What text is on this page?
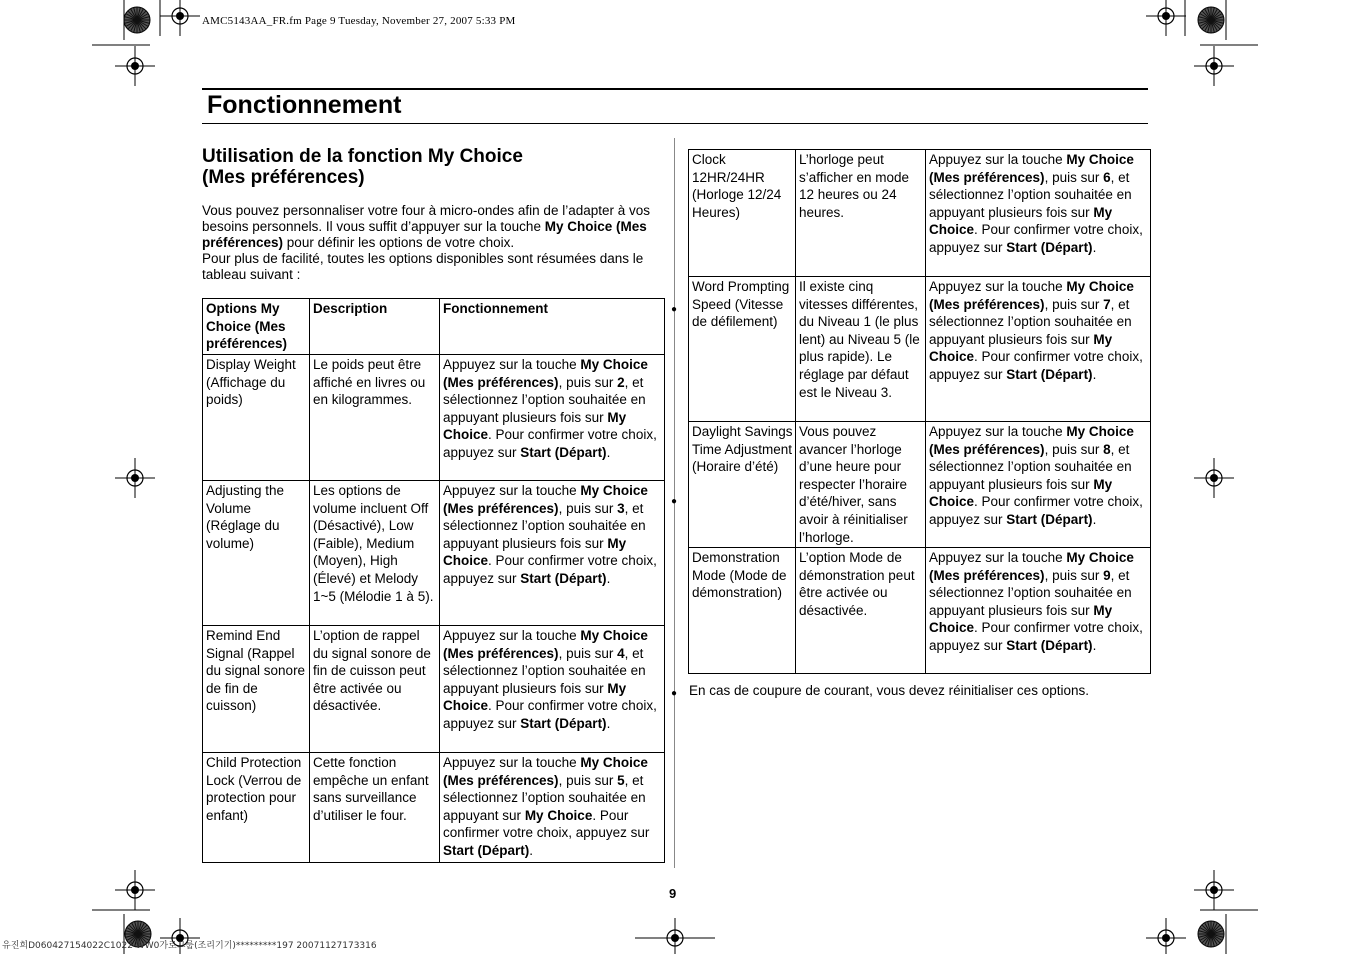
AMC5143AA_FR.fm Page 9 Tuesday, November 27, 2007 5:33 PM
Fonctionnement
Utilisation de la fonction My Choice
(Mes préférences)
Vous pouvez personnaliser votre four à micro-ondes afin de l’adapter à vos besoins personnels. Il vous suffit d’appuyer sur la touche My Choice (Mes préférences) pour définir les options de votre choix.
Pour plus de facilité, toutes les options disponibles sont résumées dans le tableau suivant :
Options My Choice (Mes préférences)	Description	Fonctionnement
Display Weight (Affichage du poids)	Le poids peut être affiché en livres ou en kilogrammes.	Appuyez sur la touche My Choice (Mes préférences), puis sur 2, et sélectionnez l’option souhaitée en appuyant plusieurs fois sur My Choice. Pour confirmer votre choix, appuyez sur Start (Départ).
Adjusting the Volume (Réglage du volume)	Les options de volume incluent Off (Désactivé), Low (Faible), Medium (Moyen), High (Élevé) et Melody 1~5 (Mélodie 1 à 5).	Appuyez sur la touche My Choice (Mes préférences), puis sur 3, et sélectionnez l’option souhaitée en appuyant plusieurs fois sur My Choice. Pour confirmer votre choix, appuyez sur Start (Départ).
Remind End Signal (Rappel du signal sonore de fin de cuisson)	L’option de rappel du signal sonore de fin de cuisson peut être activée ou désactivée.	Appuyez sur la touche My Choice (Mes préférences), puis sur 4, et sélectionnez l’option souhaitée en appuyant plusieurs fois sur My Choice. Pour confirmer votre choix, appuyez sur Start (Départ).
Child Protection Lock (Verrou de protection pour enfant)	Cette fonction empêche un enfant sans surveillance d’utiliser le four.	Appuyez sur la touche My Choice (Mes préférences), puis sur 5, et sélectionnez l’option souhaitée en appuyant sur My Choice. Pour confirmer votre choix, appuyez sur Start (Départ).
Clock 12HR/24HR (Horloge 12/24 Heures)	L’horloge peut s’afficher en mode 12 heures ou 24 heures.	Appuyez sur la touche My Choice (Mes préférences), puis sur 6, et sélectionnez l’option souhaitée en appuyant plusieurs fois sur My Choice. Pour confirmer votre choix, appuyez sur Start (Départ).
Word Prompting Speed (Vitesse de défilement)	Il existe cinq vitesses différentes, du Niveau 1 (le plus lent) au Niveau 5 (le plus rapide). Le réglage par défaut est le Niveau 3.	Appuyez sur la touche My Choice (Mes préférences), puis sur 7, et sélectionnez l’option souhaitée en appuyant plusieurs fois sur My Choice. Pour confirmer votre choix, appuyez sur Start (Départ).
Daylight Savings Time Adjustment (Horaire d’été)	Vous pouvez avancer l’horloge d’une heure pour respecter l’horaire d’été/hiver, sans avoir à réinitialiser l’horloge.	Appuyez sur la touche My Choice (Mes préférences), puis sur 8, et sélectionnez l’option souhaitée en appuyant plusieurs fois sur My Choice. Pour confirmer votre choix, appuyez sur Start (Départ).
Demonstration Mode (Mode de démonstration)	L’option Mode de démonstration peut être activée ou désactivée.	Appuyez sur la touche My Choice (Mes préférences), puis sur 9, et sélectionnez l’option souhaitée en appuyant plusieurs fois sur My Choice. Pour confirmer votre choix, appuyez sur Start (Départ).
●
●
● En cas de coupure de courant, vous devez réinitialiser ces options.
9
유진희D060427154022C1022-WW0가로그룹(조리기기)*********197 20071127173316
